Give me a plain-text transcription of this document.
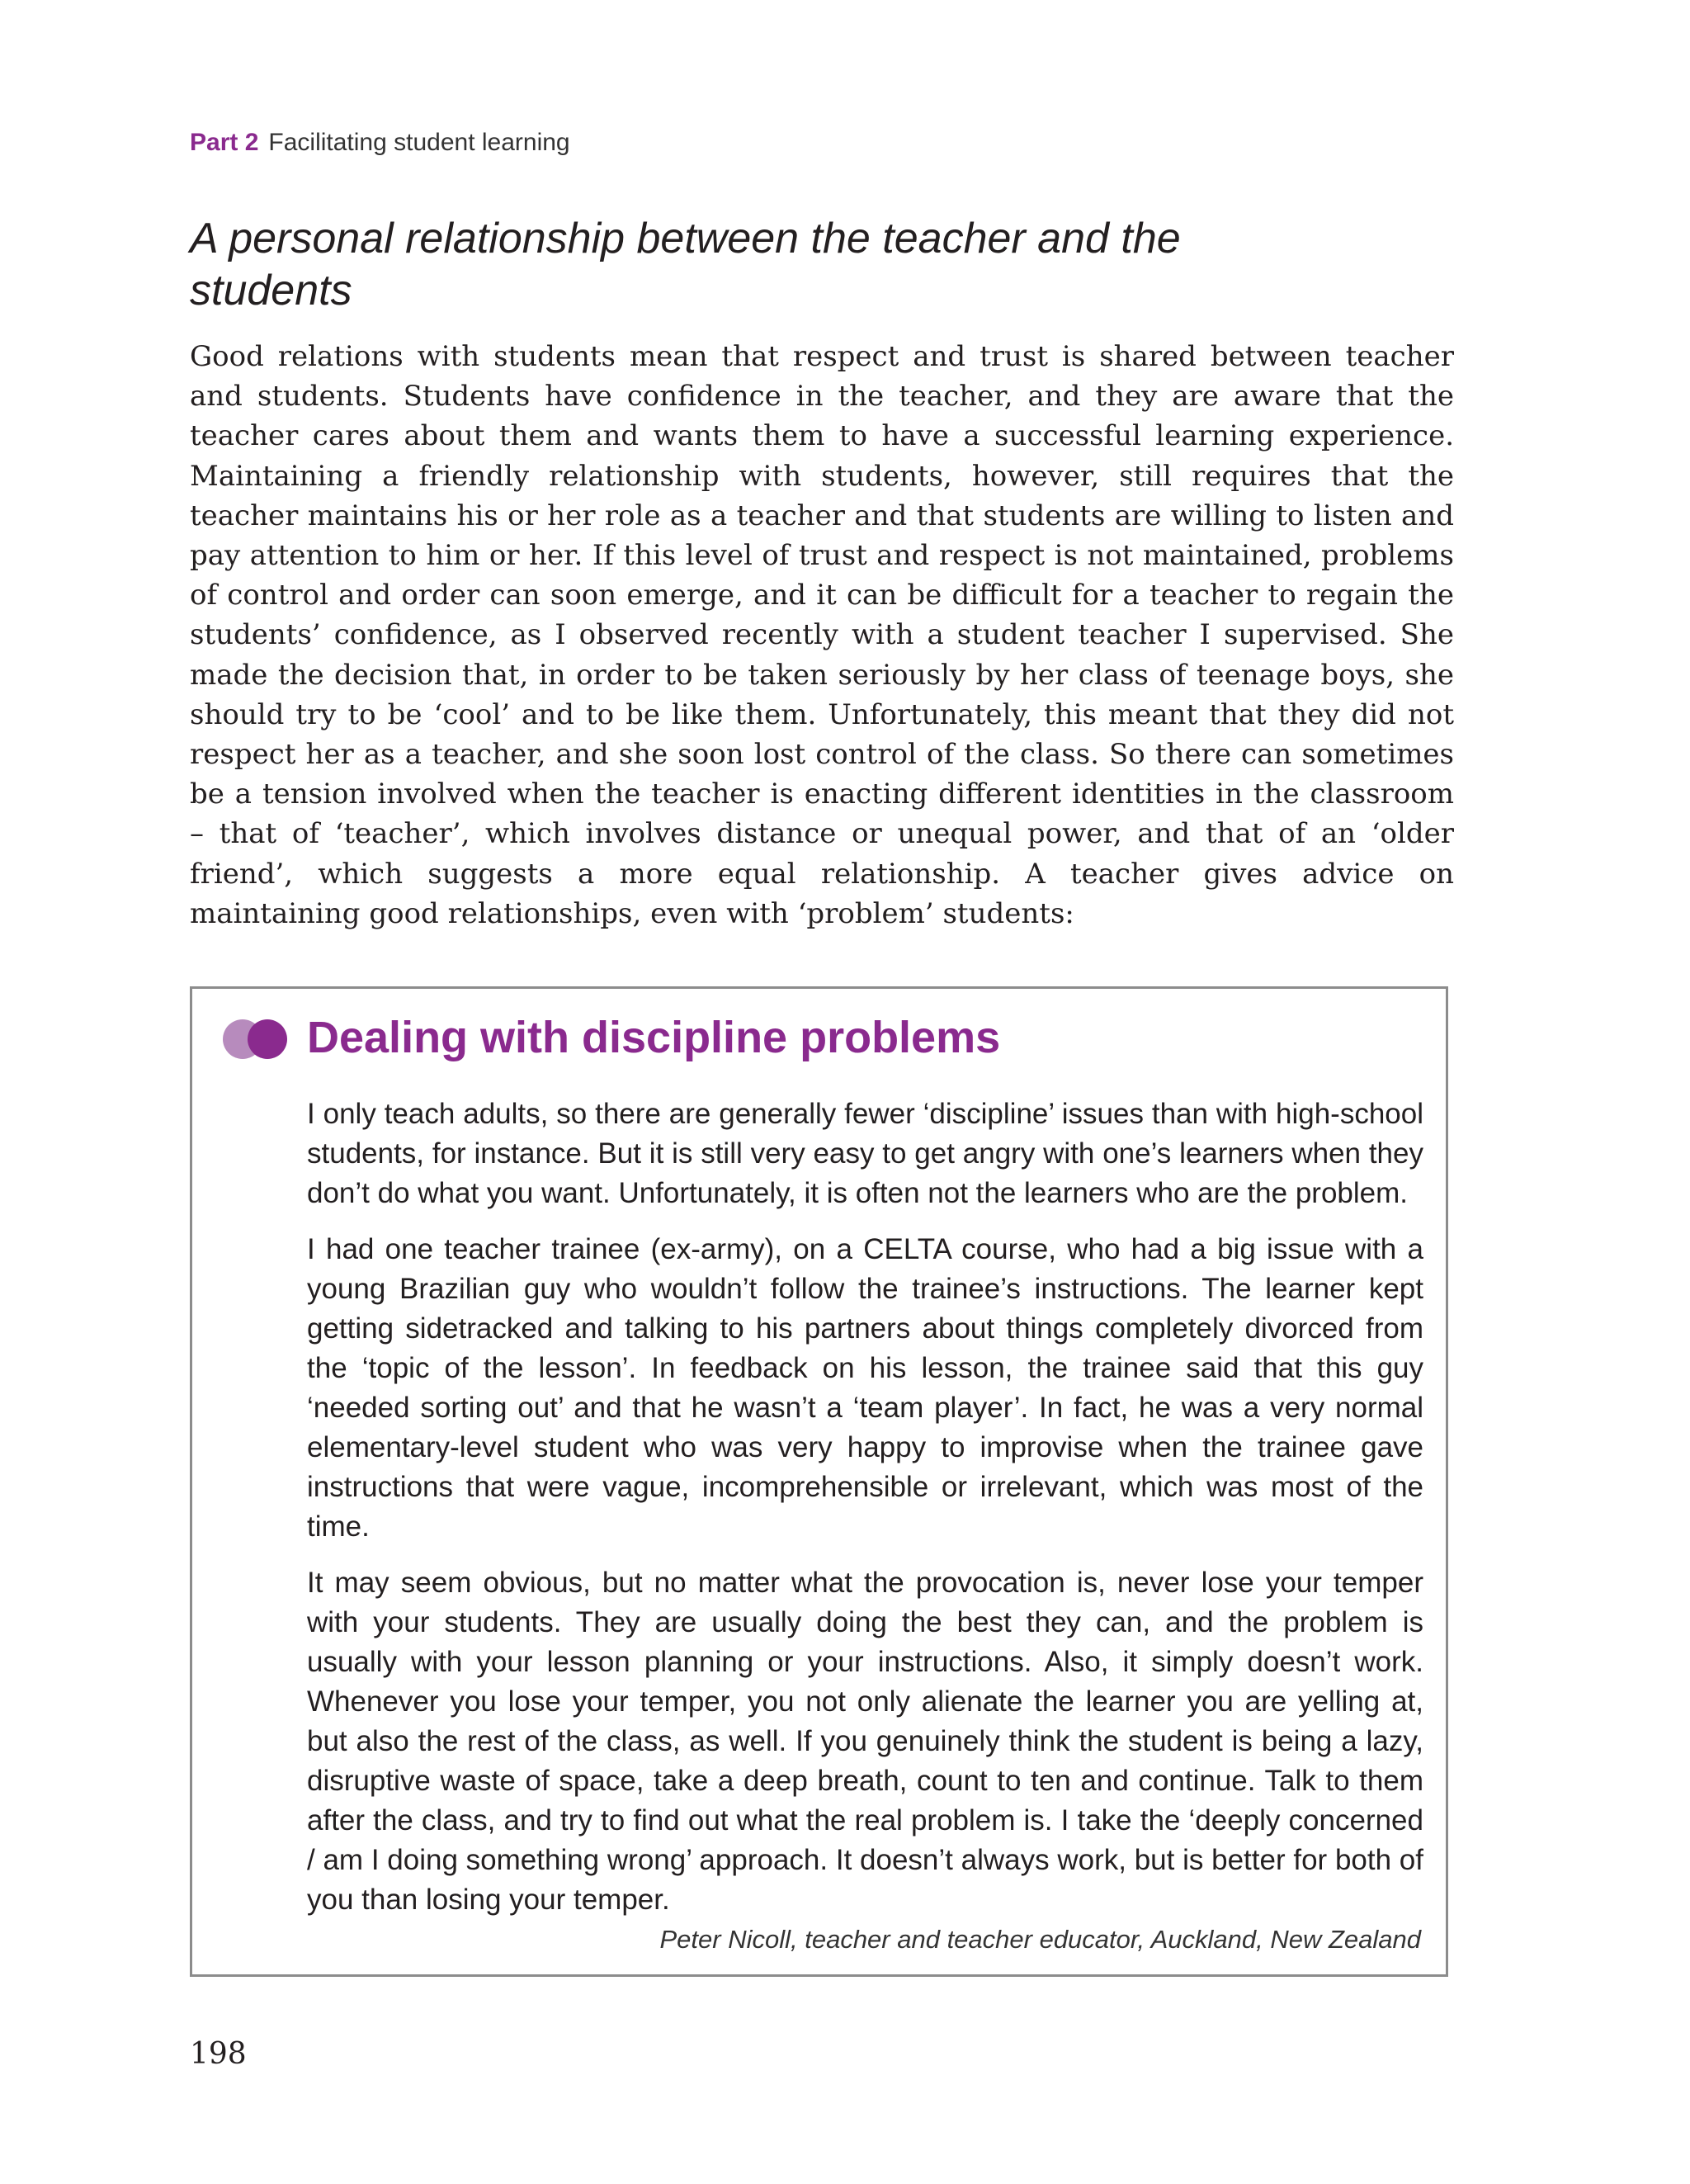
Part 2 Facilitating student learning
A personal relationship between the teacher and the students

Good relations with students mean that respect and trust is shared between teacher and students. Students have confidence in the teacher, and they are aware that the teacher cares about them and wants them to have a successful learning experience. Maintaining a friendly relationship with students, however, still requires that the teacher maintains his or her role as a teacher and that students are willing to listen and pay attention to him or her. If this level of trust and respect is not maintained, problems of control and order can soon emerge, and it can be difficult for a teacher to regain the students’ confidence, as I observed recently with a student teacher I supervised. She made the decision that, in order to be taken seriously by her class of teenage boys, she should try to be ‘cool’ and to be like them. Unfortunately, this meant that they did not respect her as a teacher, and she soon lost control of the class. So there can sometimes be a tension involved when the teacher is enacting different identities in the classroom – that of ‘teacher’, which involves distance or unequal power, and that of an ‘older friend’, which suggests a more equal relationship. A teacher gives advice on maintaining good relationships, even with ‘problem’ students:

Dealing with discipline problems

I only teach adults, so there are generally fewer ‘discipline’ issues than with high-school students, for instance. But it is still very easy to get angry with one’s learners when they don’t do what you want. Unfortunately, it is often not the learners who are the problem.

I had one teacher trainee (ex-army), on a CELTA course, who had a big issue with a young Brazilian guy who wouldn’t follow the trainee’s instructions. The learner kept getting sidetracked and talking to his partners about things completely divorced from the ‘topic of the lesson’. In feedback on his lesson, the trainee said that this guy ‘needed sorting out’ and that he wasn’t a ‘team player’. In fact, he was a very normal elementary-level student who was very happy to improvise when the trainee gave instructions that were vague, incomprehensible or irrelevant, which was most of the time.

It may seem obvious, but no matter what the provocation is, never lose your temper with your students. They are usually doing the best they can, and the problem is usually with your lesson planning or your instructions. Also, it simply doesn’t work. Whenever you lose your temper, you not only alienate the learner you are yelling at, but also the rest of the class, as well. If you genuinely think the student is being a lazy, disruptive waste of space, take a deep breath, count to ten and continue. Talk to them after the class, and try to find out what the real problem is. I take the ‘deeply concerned / am I doing something wrong’ approach. It doesn’t always work, but is better for both of you than losing your temper.

Peter Nicoll, teacher and teacher educator, Auckland, New Zealand
198
